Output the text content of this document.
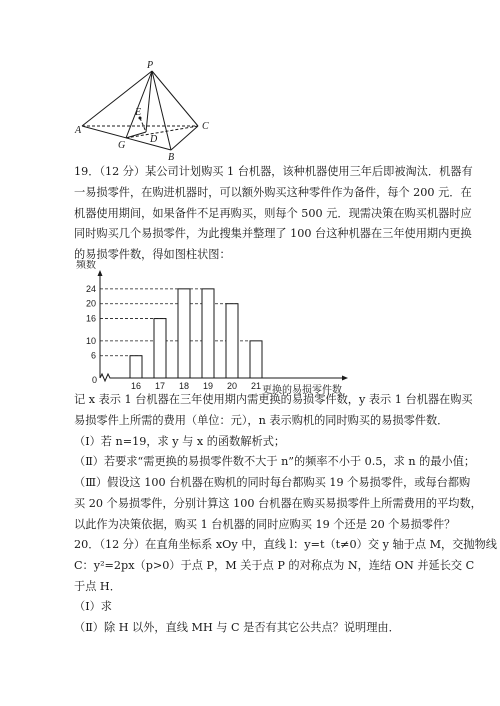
P
A	C
B
E
D
G
19．（12 分）某公司计划购买 1 台机器，该种机器使用三年后即被淘汰．机器有
一易损零件，在购进机器时，可以额外购买这种零件作为备件，每个 200 元．在
机器使用期间，如果备件不足再购买，则每个 500 元．现需决策在购买机器时应
同时购买几个易损零件，为此搜集并整理了 100 台这种机器在三年使用期内更换
的易损零件数，得如图柱状图：
0
6
10
16
20
24
16 17 18 19 20 21
频数
更换的易损零件数
记 x 表示 1 台机器在三年使用期内需更换的易损零件数，y 表示 1 台机器在购买
易损零件上所需的费用（单位：元），n 表示购机的同时购买的易损零件数．
（Ⅰ）若 n=19，求 y 与 x 的函数解析式；
（Ⅱ）若要求“需更换的易损零件数不大于 n”的频率不小于 0.5，求 n 的最小值；
（Ⅲ）假设这 100 台机器在购机的同时每台都购买 19 个易损零件，或每台都购
买 20 个易损零件，分别计算这 100 台机器在购买易损零件上所需费用的平均数，
以此作为决策依据，购买 1 台机器的同时应购买 19 个还是 20 个易损零件？
20．（12 分）在直角坐标系 xOy 中，直线 l：y=t（t≠0）交 y 轴于点 M，交抛物线
C：y²=2px（p>0）于点 P，M 关于点 P 的对称点为 N，连结 ON 并延长交 C
于点 H．
（Ⅰ）求
（Ⅱ）除 H 以外，直线 MH 与 C 是否有其它公共点？说明理由．
